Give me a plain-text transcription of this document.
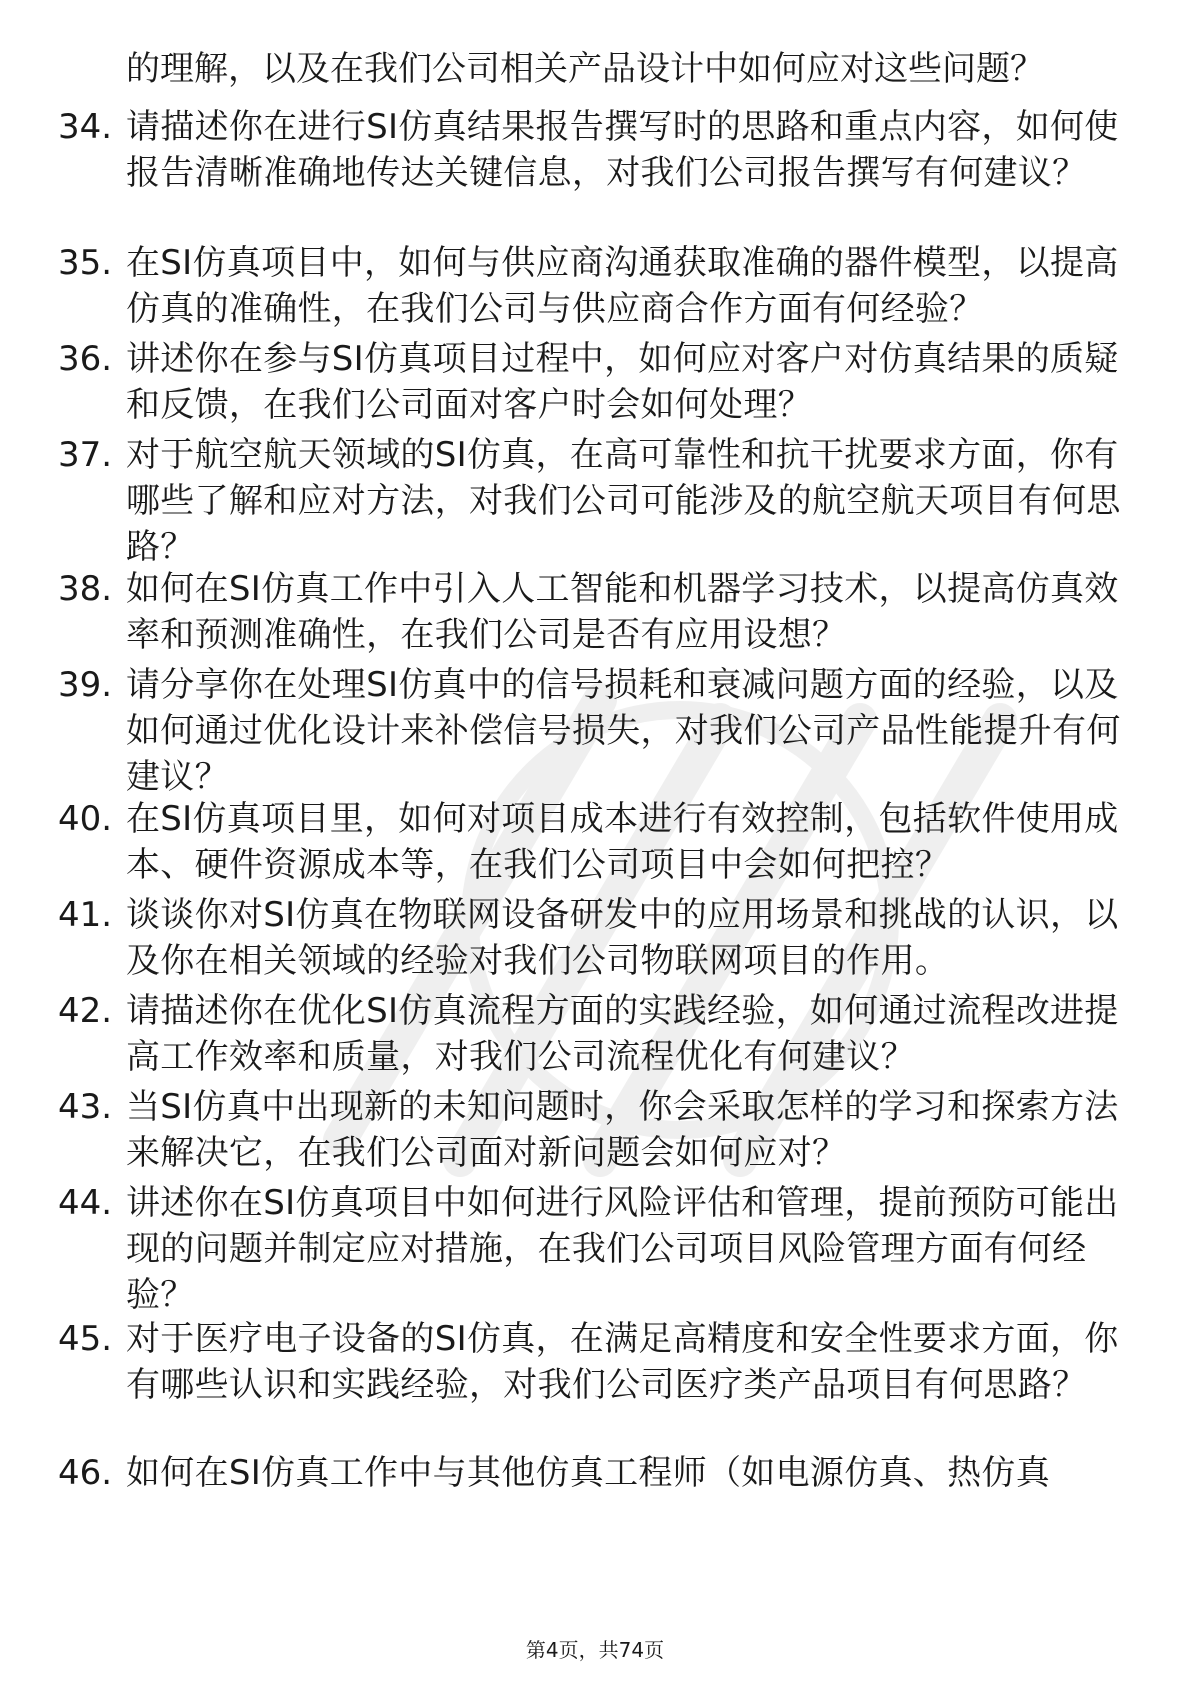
的理解，以及在我们公司相关产品设计中如何应对这些问题？
34. 请描述你在进行SI仿真结果报告撰写时的思路和重点内容，如何使报告清晰准确地传达关键信息，对我们公司报告撰写有何建议？
35. 在SI仿真项目中，如何与供应商沟通获取准确的器件模型，以提高仿真的准确性，在我们公司与供应商合作方面有何经验？
36. 讲述你在参与SI仿真项目过程中，如何应对客户对仿真结果的质疑和反馈，在我们公司面对客户时会如何处理？
37. 对于航空航天领域的SI仿真，在高可靠性和抗干扰要求方面，你有哪些了解和应对方法，对我们公司可能涉及的航空航天项目有何思路？
38. 如何在SI仿真工作中引入人工智能和机器学习技术，以提高仿真效率和预测准确性，在我们公司是否有应用设想？
39. 请分享你在处理SI仿真中的信号损耗和衰减问题方面的经验，以及如何通过优化设计来补偿信号损失，对我们公司产品性能提升有何建议？
40. 在SI仿真项目里，如何对项目成本进行有效控制，包括软件使用成本、硬件资源成本等，在我们公司项目中会如何把控？
41. 谈谈你对SI仿真在物联网设备研发中的应用场景和挑战的认识，以及你在相关领域的经验对我们公司物联网项目的作用。
42. 请描述你在优化SI仿真流程方面的实践经验，如何通过流程改进提高工作效率和质量，对我们公司流程优化有何建议？
43. 当SI仿真中出现新的未知问题时，你会采取怎样的学习和探索方法来解决它，在我们公司面对新问题会如何应对？
44. 讲述你在SI仿真项目中如何进行风险评估和管理，提前预防可能出现的问题并制定应对措施，在我们公司项目风险管理方面有何经验？
45. 对于医疗电子设备的SI仿真，在满足高精度和安全性要求方面，你有哪些认识和实践经验，对我们公司医疗类产品项目有何思路？
46. 如何在SI仿真工作中与其他仿真工程师（如电源仿真、热仿真
第4页，共74页
